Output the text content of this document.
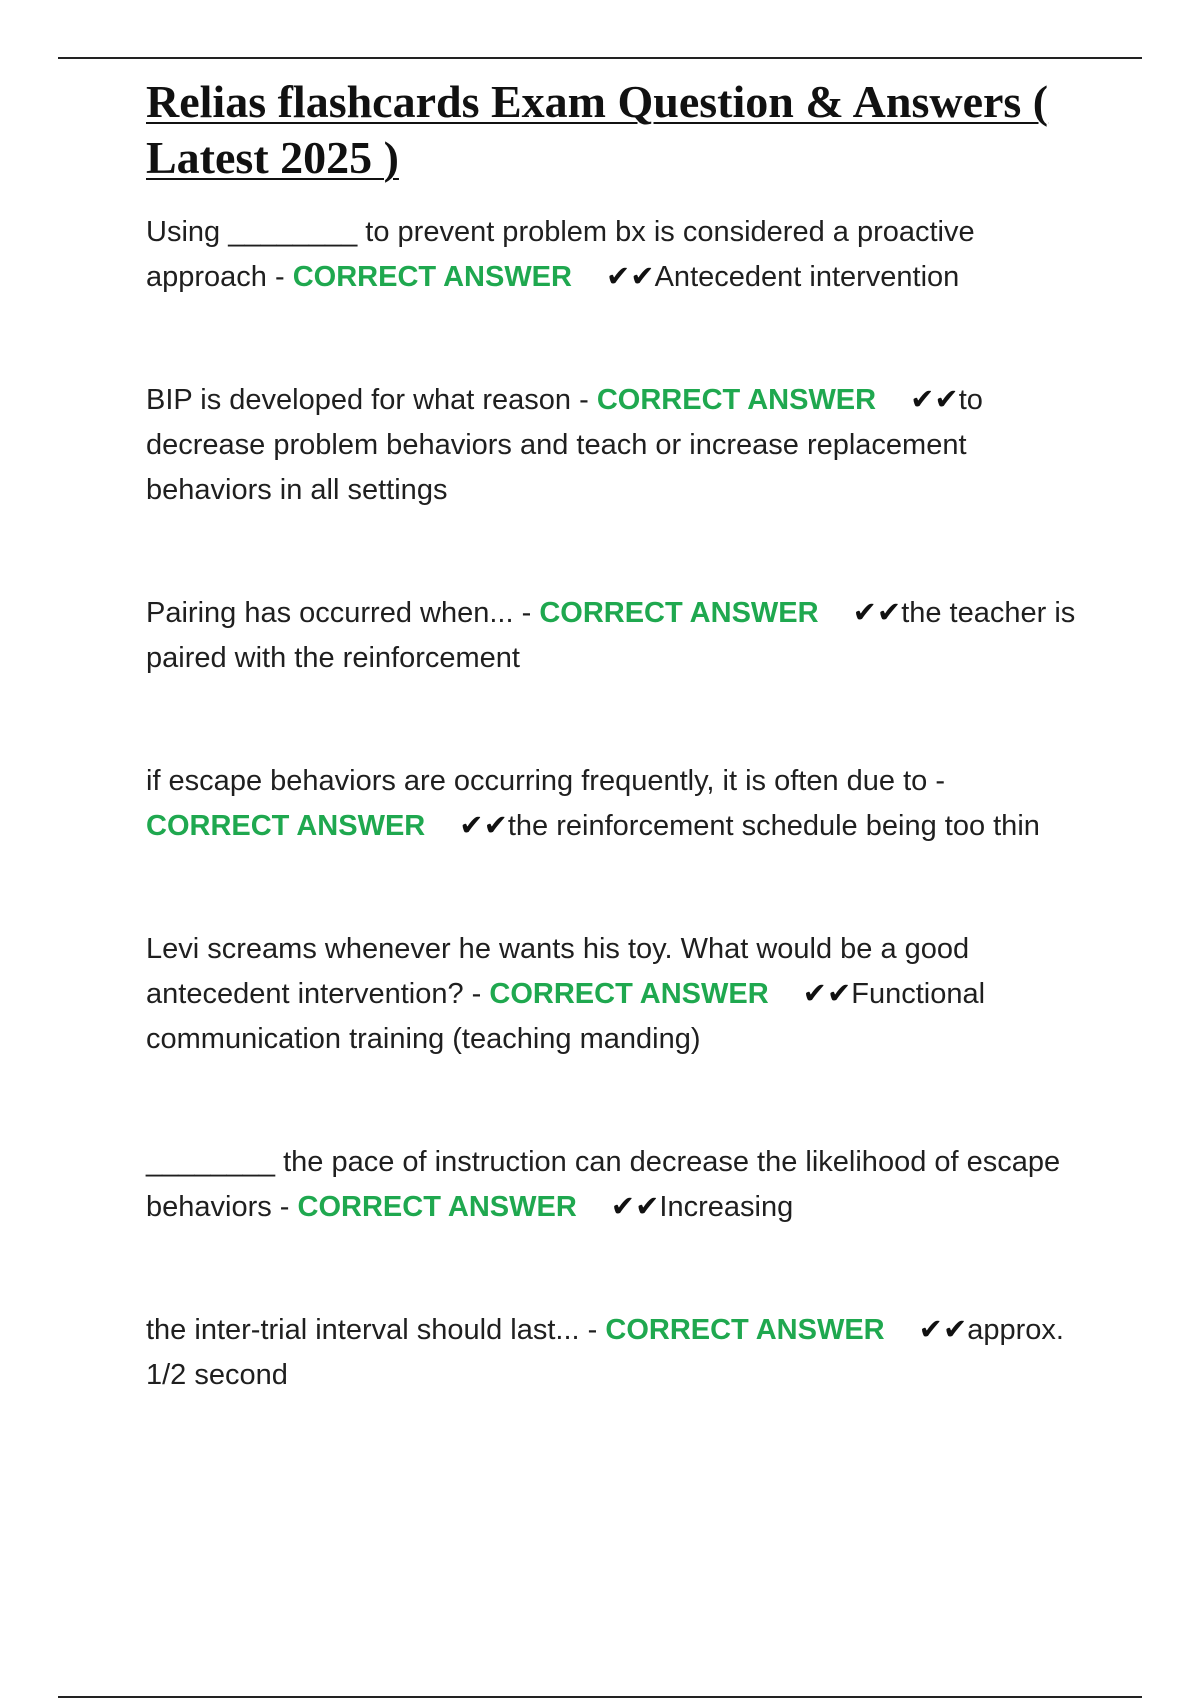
Relias flashcards Exam Question & Answers ( Latest 2025 )

Using ________ to prevent problem bx is considered a proactive approach - CORRECT ANSWER ✔✔Antecedent intervention

BIP is developed for what reason - CORRECT ANSWER ✔✔to decrease problem behaviors and teach or increase replacement behaviors in all settings

Pairing has occurred when... - CORRECT ANSWER ✔✔the teacher is paired with the reinforcement

if escape behaviors are occurring frequently, it is often due to - CORRECT ANSWER ✔✔the reinforcement schedule being too thin

Levi screams whenever he wants his toy. What would be a good antecedent intervention? - CORRECT ANSWER ✔✔Functional communication training (teaching manding)

________ the pace of instruction can decrease the likelihood of escape behaviors - CORRECT ANSWER ✔✔Increasing

the inter-trial interval should last... - CORRECT ANSWER ✔✔approx. 1/2 second
